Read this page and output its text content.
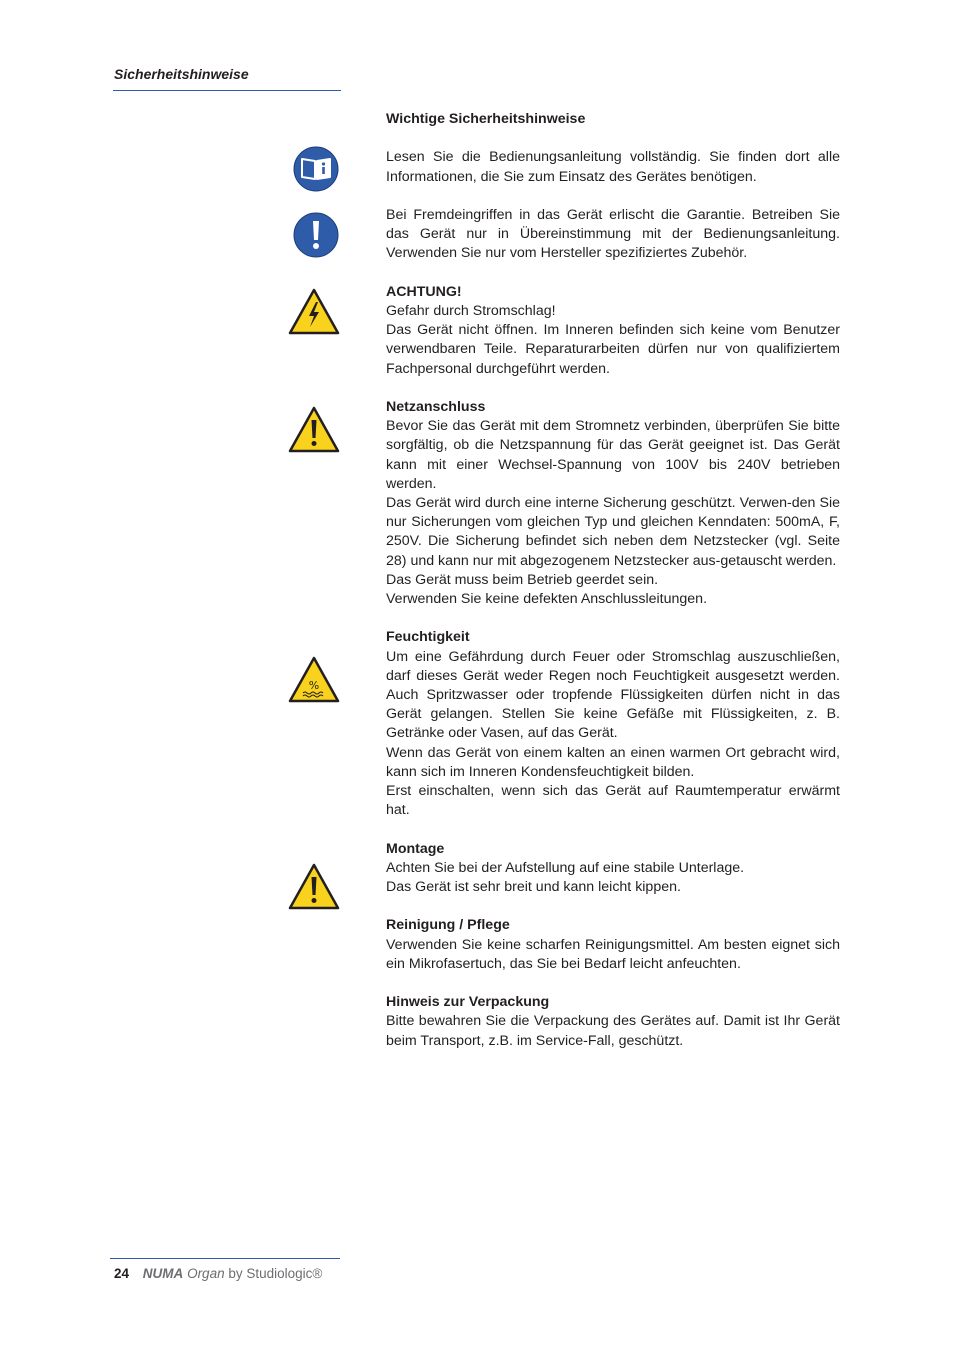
Sicherheitshinweise
%

Wichtige Sicherheitshinweise

Lesen Sie die Bedienungsanleitung vollständig. Sie finden dort alle Informationen, die Sie zum Einsatz des Gerätes benötigen.

Bei Fremdeingriffen in das Gerät erlischt die Garantie. Betreiben Sie das Gerät nur in Übereinstimmung mit der Bedienungsanleitung. Verwenden Sie nur vom Hersteller spezifiziertes Zubehör.

ACHTUNG!

Gefahr durch Stromschlag!

Das Gerät nicht öffnen. Im Inneren befinden sich keine vom Benutzer verwendbaren Teile. Reparaturarbeiten dürfen nur von qualifiziertem Fachpersonal durchgeführt werden.

Netzanschluss

Bevor Sie das Gerät mit dem Stromnetz verbinden, überprüfen Sie bitte sorgfältig, ob die Netzspannung für das Gerät geeignet ist. Das Gerät kann mit einer Wechsel-Spannung von 100V bis 240V betrieben werden.

Das Gerät wird durch eine interne Sicherung geschützt. Verwen-den Sie nur Sicherungen vom gleichen Typ und gleichen Kenndaten: 500mA, F, 250V. Die Sicherung befindet sich neben dem Netzstecker (vgl. Seite 28) und kann nur mit abgezogenem Netzstecker aus-getauscht werden.

Das Gerät muss beim Betrieb geerdet sein.

Verwenden Sie keine defekten Anschlussleitungen.

Feuchtigkeit

Um eine Gefährdung durch Feuer oder Stromschlag auszuschließen, darf dieses Gerät weder Regen noch Feuchtigkeit ausgesetzt werden. Auch Spritzwasser oder tropfende Flüssigkeiten dürfen nicht in das Gerät gelangen. Stellen Sie keine Gefäße mit Flüssigkeiten, z. B. Getränke oder Vasen, auf das Gerät.

Wenn das Gerät von einem kalten an einen warmen Ort gebracht wird, kann sich im Inneren Kondensfeuchtigkeit bilden.

Erst einschalten, wenn sich das Gerät auf Raumtemperatur erwärmt hat.

Montage

Achten Sie bei der Aufstellung auf eine stabile Unterlage.

Das Gerät ist sehr breit und kann leicht kippen.

Reinigung / Pflege

Verwenden Sie keine scharfen Reinigungsmittel. Am besten eignet sich ein Mikrofasertuch, das Sie bei Bedarf leicht anfeuchten.

Hinweis zur Verpackung

Bitte bewahren Sie die Verpackung des Gerätes auf. Damit ist Ihr Gerät beim Transport, z.B. im Service-Fall, geschützt.

24 NUMA Organ by Studiologic®
